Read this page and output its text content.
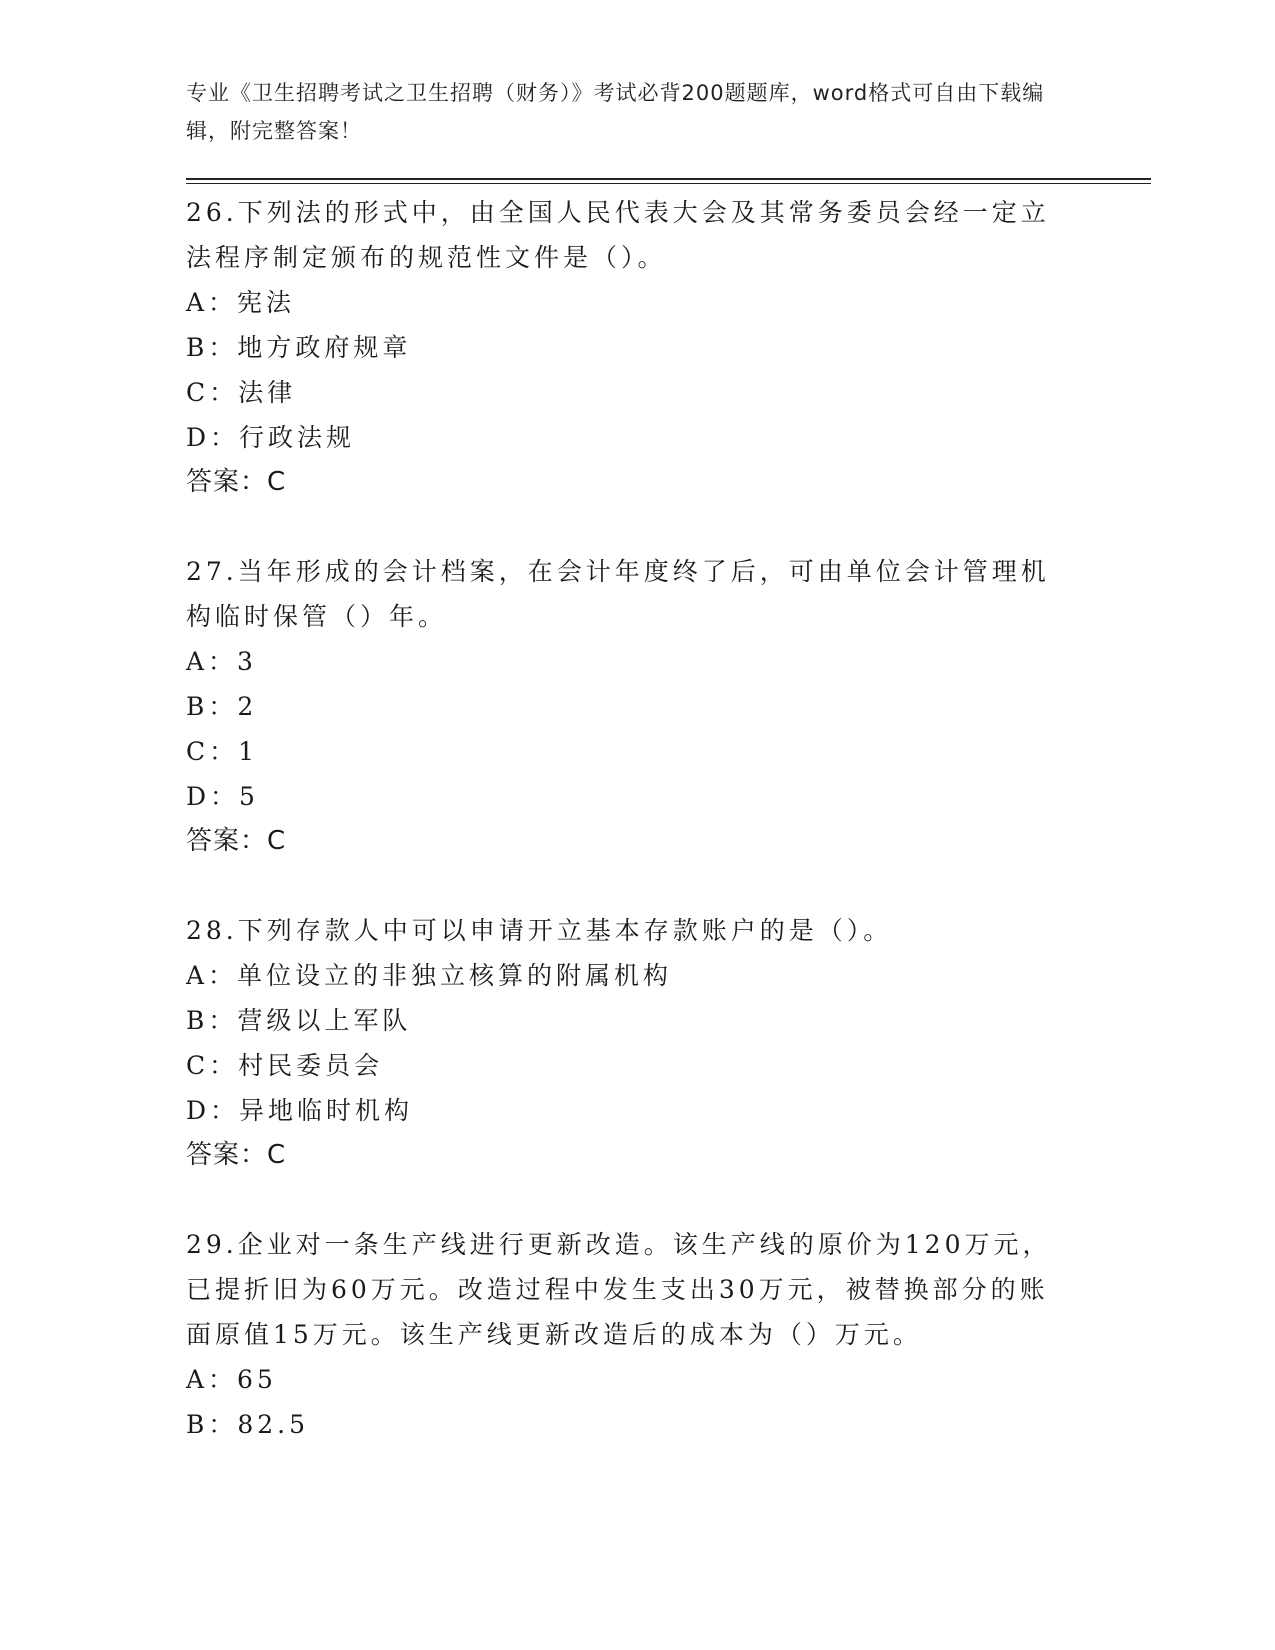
专业《卫生招聘考试之卫生招聘（财务）》考试必背200题题库，word格式可自由下载编辑，附完整答案！

26.下列法的形式中，由全国人民代表大会及其常务委员会经一定立法程序制定颁布的规范性文件是（）。

A：宪法

B：地方政府规章

C：法律

D：行政法规

答案：C

27.当年形成的会计档案，在会计年度终了后，可由单位会计管理机构临时保管（）年。

A：3

B：2

C：1

D：5

答案：C

28.下列存款人中可以申请开立基本存款账户的是（）。

A：单位设立的非独立核算的附属机构

B：营级以上军队

C：村民委员会

D：异地临时机构

答案：C

29.企业对一条生产线进行更新改造。该生产线的原价为120万元，已提折旧为60万元。改造过程中发生支出30万元，被替换部分的账面原值15万元。该生产线更新改造后的成本为（）万元。

A：65

B：82.5
